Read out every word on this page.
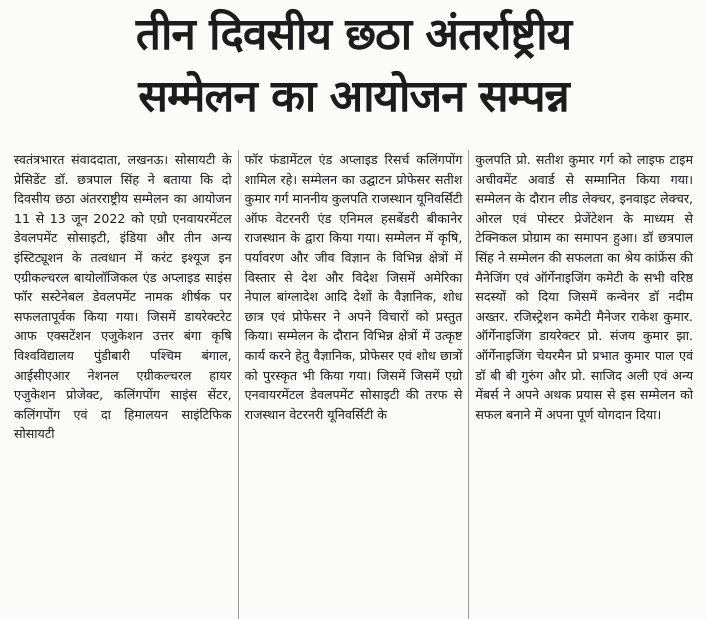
तीन दिवसीय छठा अंतर्राष्ट्रीय
सम्मेलन का आयोजन सम्पन्न

स्वतंत्रभारत संवाददाता, लखनऊ। सोसायटी के प्रेसिडेंट डॉ. छत्रपाल सिंह ने बताया कि दो दिवसीय छठा अंतरराष्ट्रीय सम्मेलन का आयोजन 11 से 13 जून 2022 को एग्रो एनवायरमेंटल डेवलपमेंट सोसाइटी, इंडिया और तीन अन्य इंस्टिट्यूशन के तत्वधान में करंट इश्यूज इन एग्रीकल्चरल बायोलॉजिकल एंड अप्लाइड साइंस फॉर सस्टेनेबल डेवलपमेंट नामक शीर्षक पर सफलतापूर्वक किया गया। जिसमें डायरेक्टरेट आफ एक्सटेंशन एजुकेशन उत्तर बंगा कृषि विश्वविद्यालय पुंडीबारी पश्चिम बंगाल, आईसीएआर नेशनल एग्रीकल्चरल हायर एजुकेशन प्रोजेक्ट, कलिंगपोंग साइंस सेंटर, कलिंगपोंग एवं दा हिमालयन साइंटिफिक सोसायटी

फॉर फंडामेंटल एंड अप्लाइड रिसर्च कलिंगपोंग शामिल रहे। सम्मेलन का उद्घाटन प्रोफेसर सतीश कुमार गर्ग माननीय कुलपति राजस्थान यूनिवर्सिटी ऑफ वेटरनरी एंड एनिमल हसबेंडरी बीकानेर राजस्थान के द्वारा किया गया। सम्मेलन में कृषि, पर्यावरण और जीव विज्ञान के विभिन्न क्षेत्रों में विस्तार से देश और विदेश जिसमें अमेरिका नेपाल बांग्लादेश आदि देशों के वैज्ञानिक, शोध छात्र एवं प्रोफेसर ने अपने विचारों को प्रस्तुत किया। सम्मेलन के दौरान विभिन्न क्षेत्रों में उत्कृष्ट कार्य करने हेतु वैज्ञानिक, प्रोफेसर एवं शोध छात्रों को पुरस्कृत भी किया गया। जिसमें जिसमें एग्रो एनवायरमेंटल डेवलपमेंट सोसाइटी की तरफ से राजस्थान वेटरनरी यूनिवर्सिटी के

कुलपति प्रो. सतीश कुमार गर्ग को लाइफ टाइम अचीवमेंट अवार्ड से सम्मानित किया गया। सम्मेलन के दौरान लीड लेक्चर, इनवाइट लेक्चर, ओरल एवं पोस्टर प्रेजेंटेशन के माध्यम से टेक्निकल प्रोग्राम का समापन हुआ। डॉ छत्रपाल सिंह ने सम्मेलन की सफलता का श्रेय कांफ्रेंस की मैनेजिंग एवं ऑर्गेनाइजिंग कमेटी के सभी वरिष्ठ सदस्यों को दिया जिसमें कन्वेनर डॉ नदीम अख्तर. रजिस्ट्रेशन कमेटी मैनेजर राकेश कुमार. ऑर्गेनाइजिंग डायरेक्टर प्रो. संजय कुमार झा. ऑर्गेनाइजिंग चेयरमैन प्रो प्रभात कुमार पाल एवं डॉ बी बी गुरुंग और प्रो. साजिद अली एवं अन्य मेंबर्स ने अपने अथक प्रयास से इस सम्मेलन को सफल बनाने में अपना पूर्ण योगदान दिया।
